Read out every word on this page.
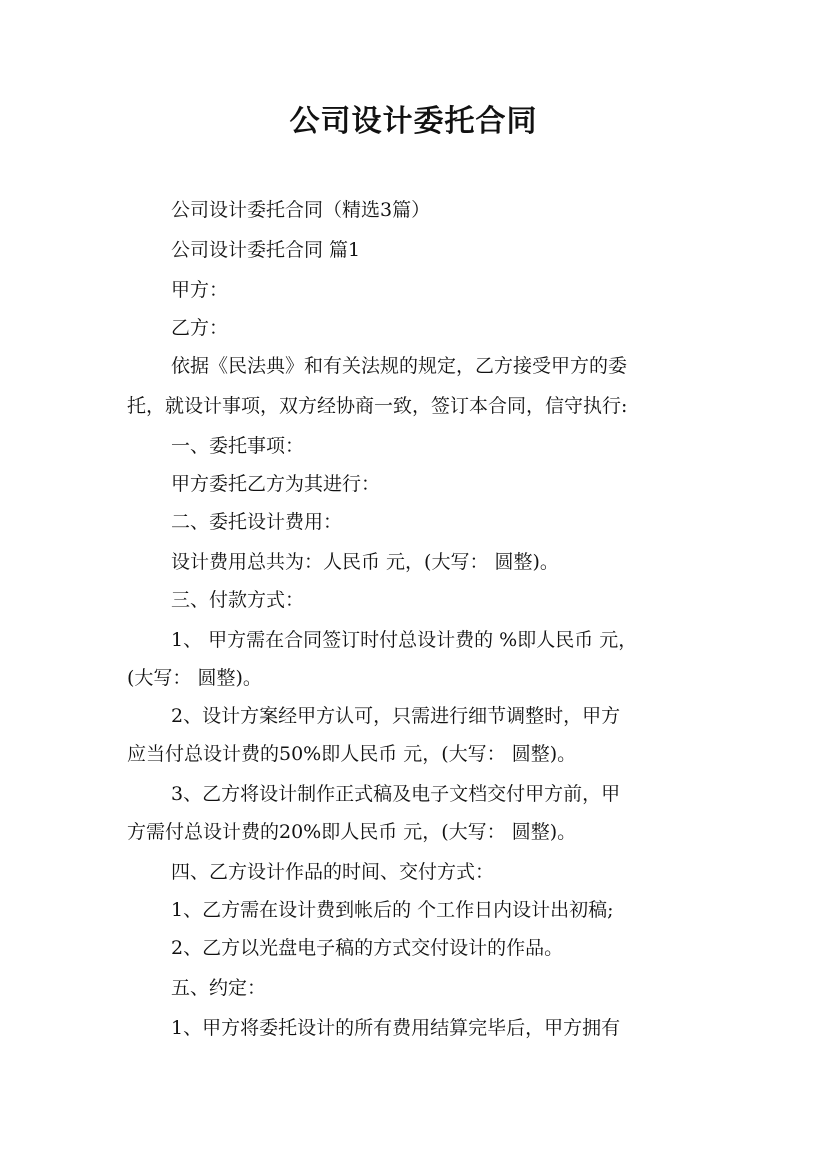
公司设计委托合同
公司设计委托合同（精选3篇）
公司设计委托合同 篇1
甲方：
乙方：
依据《民法典》和有关法规的规定，乙方接受甲方的委
托，就设计事项，双方经协商一致，签订本合同，信守执行:
一、委托事项：
甲方委托乙方为其进行：
二、委托设计费用：
设计费用总共为：人民币 元，(大写： 圆整)。
三、付款方式：
1、 甲方需在合同签订时付总设计费的 %即人民币 元，
(大写： 圆整)。
2、设计方案经甲方认可，只需进行细节调整时，甲方
应当付总设计费的50%即人民币 元，(大写： 圆整)。
3、乙方将设计制作正式稿及电子文档交付甲方前，甲
方需付总设计费的20%即人民币 元，(大写： 圆整)。
四、乙方设计作品的时间、交付方式：
1、乙方需在设计费到帐后的 个工作日内设计出初稿;
2、乙方以光盘电子稿的方式交付设计的作品。
五、约定：
1、甲方将委托设计的所有费用结算完毕后，甲方拥有
